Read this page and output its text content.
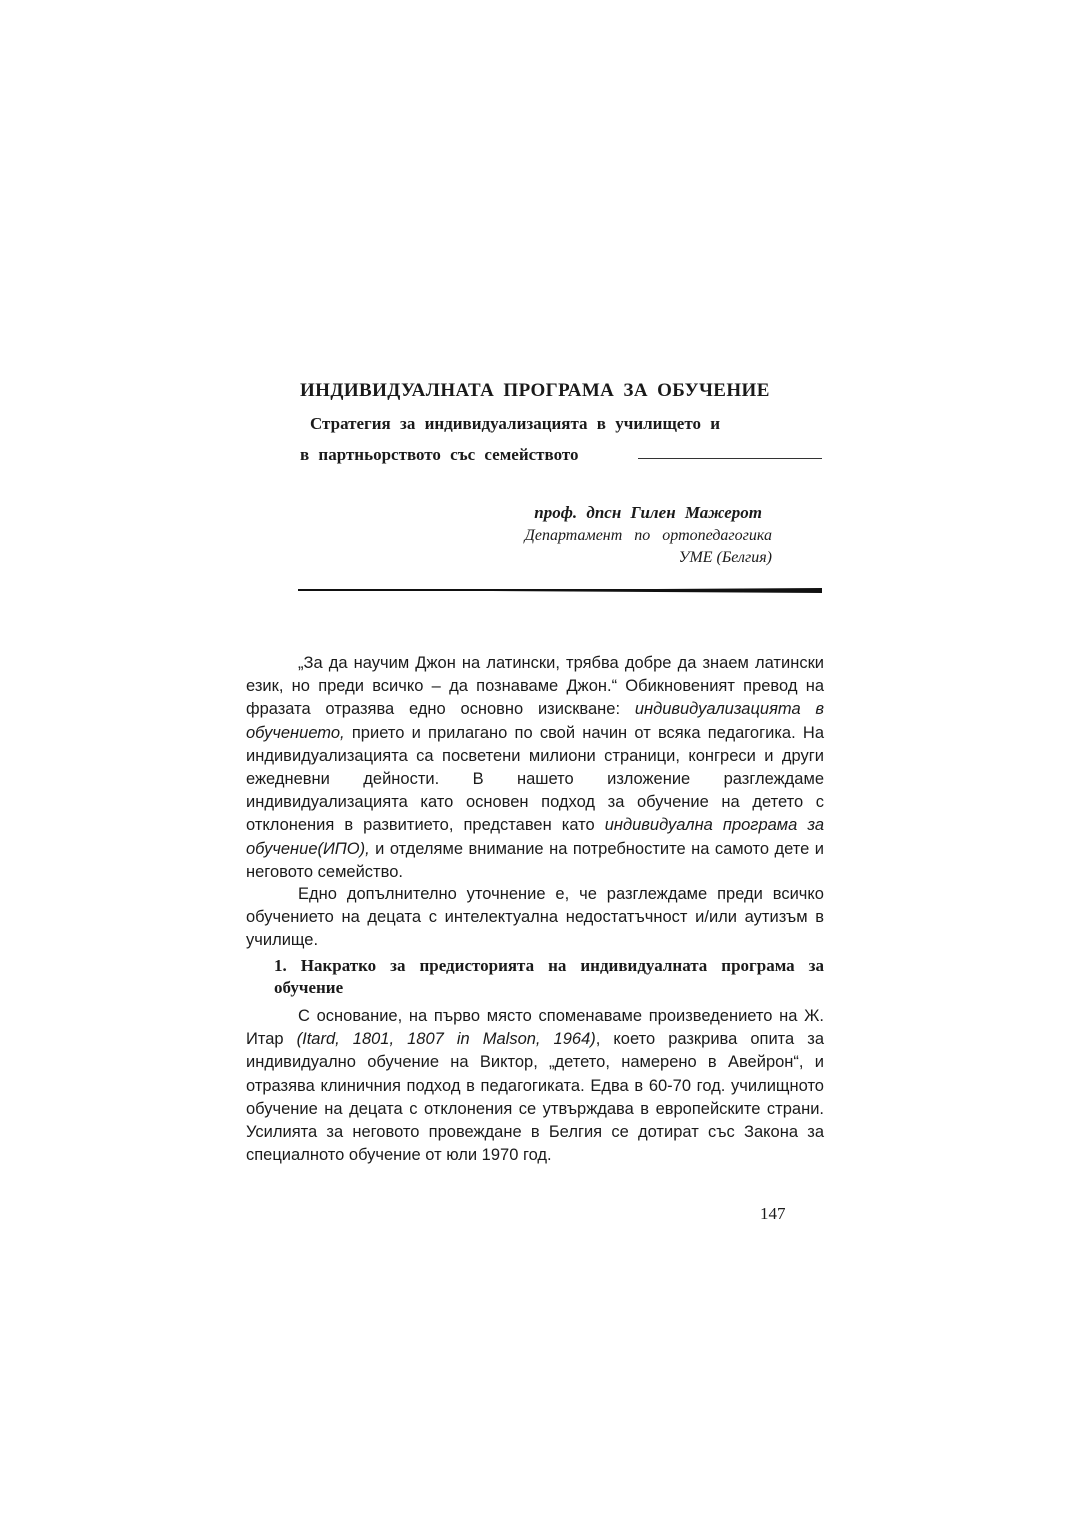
ИНДИВИДУАЛНАТА ПРОГРАМА ЗА ОБУЧЕНИЕ
Стратегия за индивидуализацията в училището и
в партньорството със семейството
проф. дпсн Гилен Мажерот
Департамент по ортопедагогика
УМЕ (Белгия)

„За да научим Джон на латински, трябва добре да знаем латински език, но преди всичко – да познаваме Джон.“ Обикновеният превод на фразата отразява едно основно изискване: индивидуализацията в обучението, прието и прилагано по свой начин от всяка педагогика. На индивидуализацията са посветени милиони страници, конгреси и други ежедневни дейности. В нашето изложение разглеждаме индивидуализацията като основен подход за обучение на детето с отклонения в развитието, представен като индивидуална програма за обучение(ИПО), и отделяме внимание на потребностите на самото дете и неговото семейство.

Едно допълнително уточнение е, че разглеждаме преди всичко обучението на децата с интелектуална недостатъчност и/или аутизъм в училище.

1. Накратко за предисторията на индивидуалната програма за обучение

С основание, на първо място споменаваме произведението на Ж. Итар (Itard, 1801, 1807 in Malson, 1964), което разкрива опита за индивидуално обучение на Виктор, „детето, намерено в Авейрон“, и отразява клиничния подход в педагогиката. Едва в 60-70 год. училищното обучение на децата с отклонения се утвърждава в европейските страни. Усилията за неговото провеждане в Белгия се дотират със Закона за специалното обучение от юли 1970 год.

147
